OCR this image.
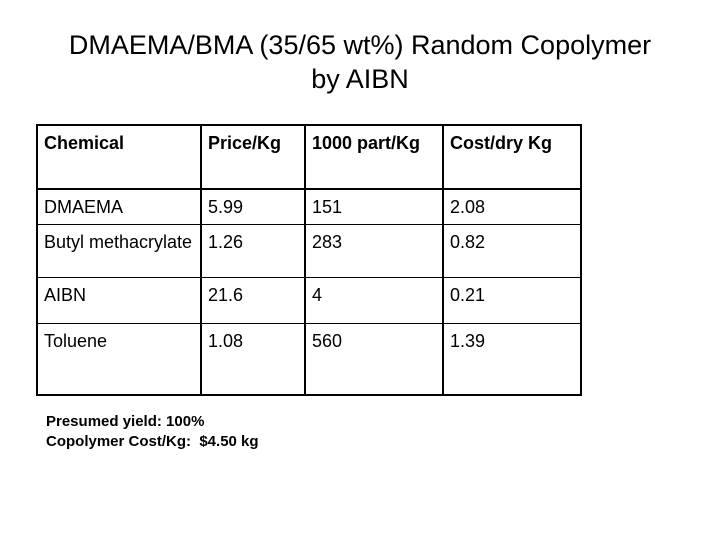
DMAEMA/BMA (35/65 wt%) Random Copolymer
by AIBN
Chemical	Price/Kg	1000 part/Kg	Cost/dry Kg
DMAEMA	5.99	151	2.08
Butyl methacrylate	1.26	283	0.82
AIBN	21.6	4	0.21
Toluene	1.08	560	1.39
Presumed yield: 100%
Copolymer Cost/Kg:  $4.50 kg
